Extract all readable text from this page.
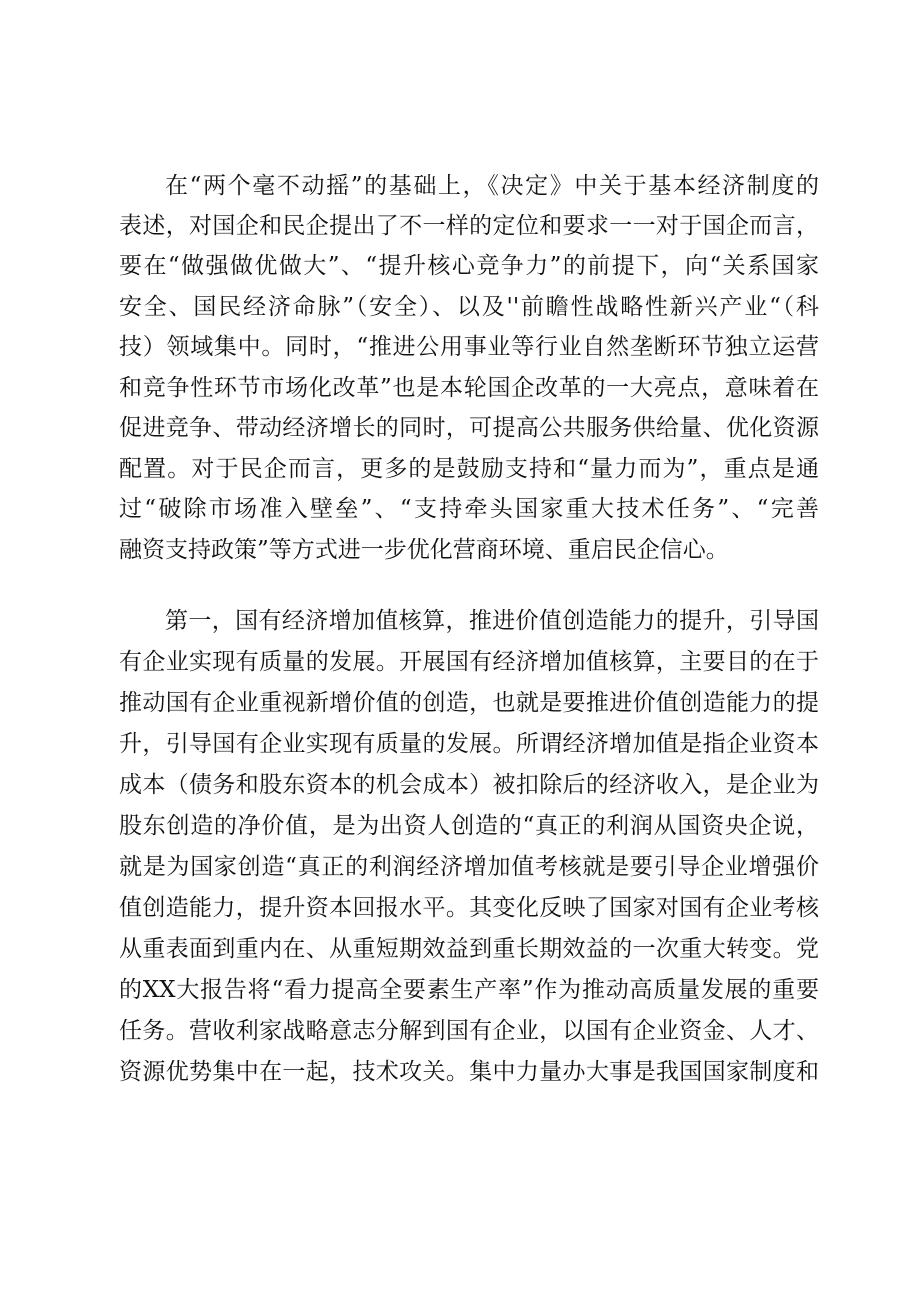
在“两个毫不动摇”的基础上，《决定》中关于基本经济制度的
表述，对国企和民企提出了不一样的定位和要求一一对于国企而言，
要在“做强做优做大”、“提升核心竞争力”的前提下，向“关系国家
安全、国民经济命脉”（安全）、以及''前瞻性战略性新兴产业“（科
技）领域集中。同时，“推进公用事业等行业自然垄断环节独立运营
和竞争性环节市场化改革”也是本轮国企改革的一大亮点，意味着在
促进竞争、带动经济增长的同时，可提高公共服务供给量、优化资源
配置。对于民企而言，更多的是鼓励支持和“量力而为”，重点是通
过“破除市场准入壁垒”、“支持牵头国家重大技术任务”、“完善
融资支持政策”等方式进一步优化营商环境、重启民企信心。
第一，国有经济增加值核算，推进价值创造能力的提升，引导国
有企业实现有质量的发展。开展国有经济增加值核算，主要目的在于
推动国有企业重视新增价值的创造，也就是要推进价值创造能力的提
升，引导国有企业实现有质量的发展。所谓经济增加值是指企业资本
成本（债务和股东资本的机会成本）被扣除后的经济收入，是企业为
股东创造的净价值，是为出资人创造的“真正的利润从国资央企说，
就是为国家创造“真正的利润经济增加值考核就是要引导企业增强价
值创造能力，提升资本回报水平。其变化反映了国家对国有企业考核
从重表面到重内在、从重短期效益到重长期效益的一次重大转变。党
的XX大报告将“看力提高全要素生产率”作为推动高质量发展的重要
任务。营收利家战略意志分解到国有企业，以国有企业资金、人才、
资源优势集中在一起，技术攻关。集中力量办大事是我国国家制度和
